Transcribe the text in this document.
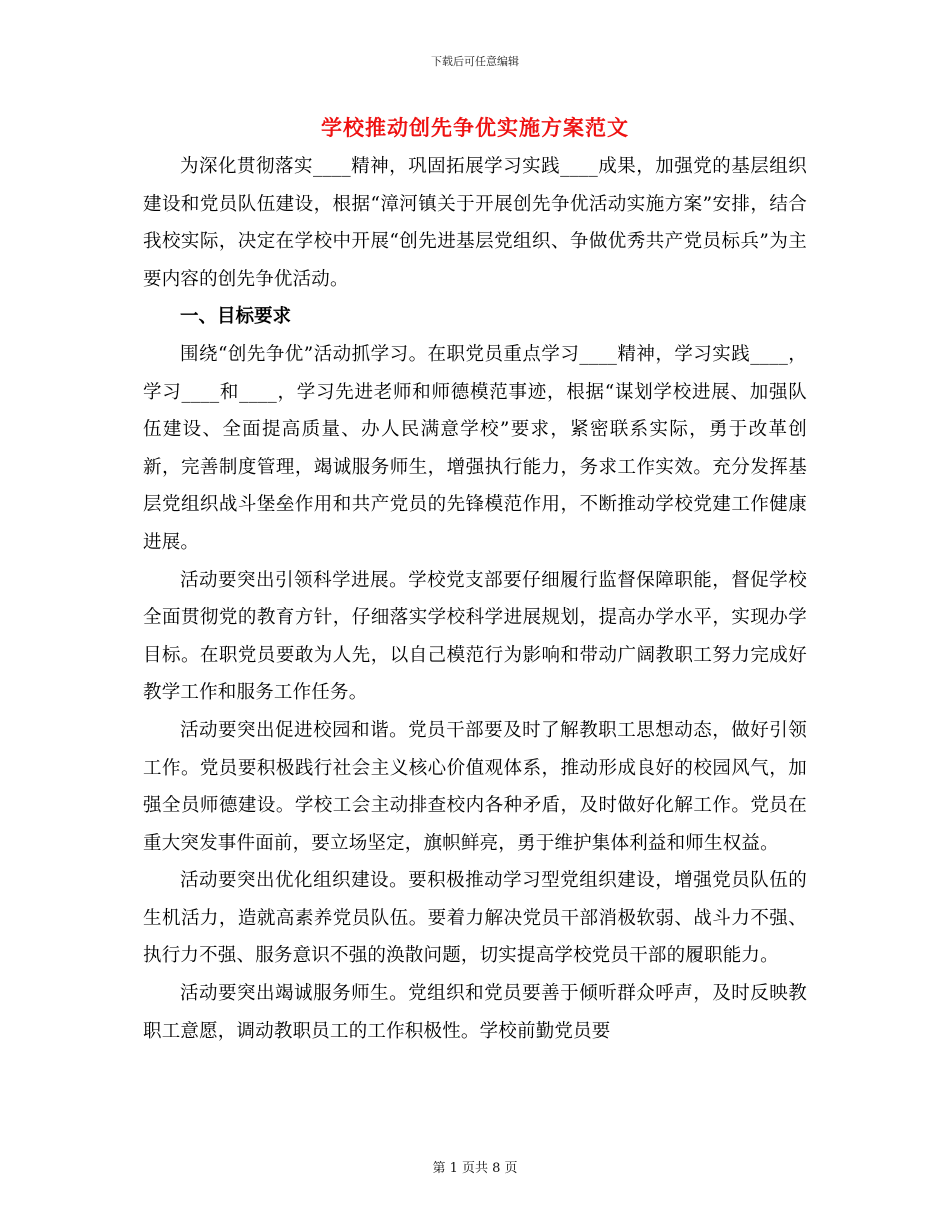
下载后可任意编辑
学校推动创先争优实施方案范文

为深化贯彻落实____精神，巩固拓展学习实践____成果，加强党的基层组织建设和党员队伍建设，根据“漳河镇关于开展创先争优活动实施方案”安排，结合我校实际，决定在学校中开展“创先进基层党组织、争做优秀共产党员标兵”为主要内容的创先争优活动。

一、目标要求

围绕“创先争优”活动抓学习。在职党员重点学习____精神，学习实践____，学习____和____，学习先进老师和师德模范事迹，根据“谋划学校进展、加强队伍建设、全面提高质量、办人民满意学校”要求，紧密联系实际，勇于改革创新，完善制度管理，竭诚服务师生，增强执行能力，务求工作实效。充分发挥基层党组织战斗堡垒作用和共产党员的先锋模范作用，不断推动学校党建工作健康进展。

活动要突出引领科学进展。学校党支部要仔细履行监督保障职能，督促学校全面贯彻党的教育方针，仔细落实学校科学进展规划，提高办学水平，实现办学目标。在职党员要敢为人先，以自己模范行为影响和带动广阔教职工努力完成好教学工作和服务工作任务。

活动要突出促进校园和谐。党员干部要及时了解教职工思想动态，做好引领工作。党员要积极践行社会主义核心价值观体系，推动形成良好的校园风气，加强全员师德建设。学校工会主动排查校内各种矛盾，及时做好化解工作。党员在重大突发事件面前，要立场坚定，旗帜鲜亮，勇于维护集体利益和师生权益。

活动要突出优化组织建设。要积极推动学习型党组织建设，增强党员队伍的生机活力，造就高素养党员队伍。要着力解决党员干部消极软弱、战斗力不强、执行力不强、服务意识不强的涣散问题，切实提高学校党员干部的履职能力。

活动要突出竭诚服务师生。党组织和党员要善于倾听群众呼声，及时反映教职工意愿，调动教职员工的工作积极性。学校前勤党员要

第 1 页共 8 页
